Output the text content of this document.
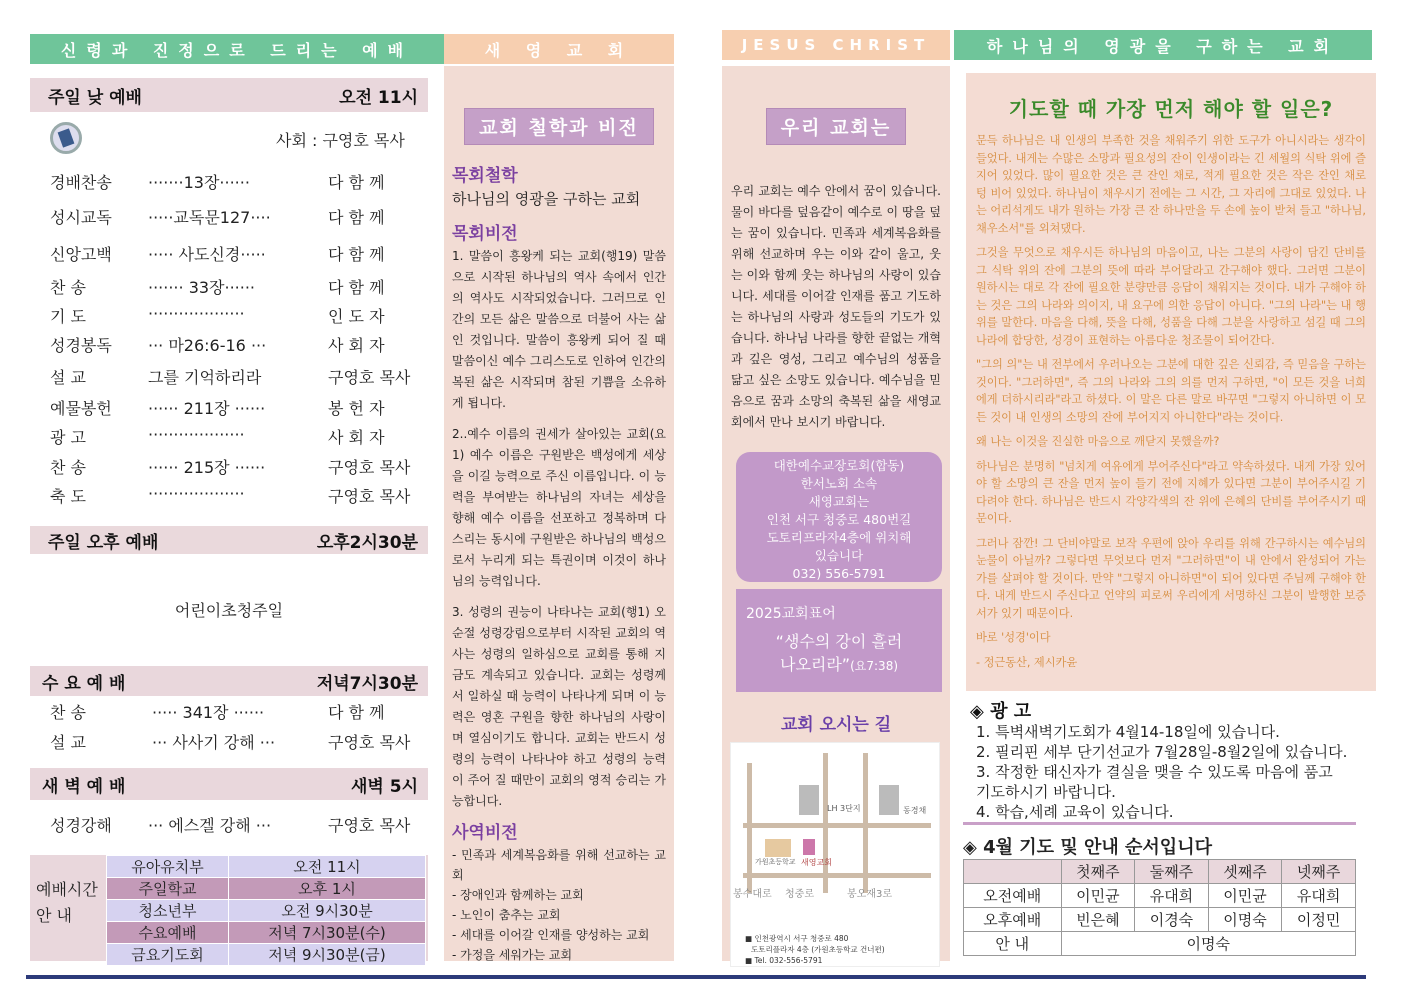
신령과 진정으로 드리는 예배	새 영 교 회	JESUS CHRIST	하나님의 영광을 구하는 교회
주일 낮 예배	오전 11시
사회 : 구영호 목사
경배찬송 ·······13장······	다 함 께
성시교독 ·····교독문127····	다 함 께
신앙고백 ····· 사도신경·····	다 함 께
찬 송	······· 33장······	다 함 께
기 도	···················	인 도 자
성경봉독 ··· 마26:6-16 ···	사 회 자
설 교	그를 기억하리라	구영호 목사
예물봉헌 ······ 211장 ······	봉 헌 자
광 고	···················	사 회 자
찬 송	······ 215장 ······	구영호 목사
축 도	···················	구영호 목사
주일 오후 예배	오후2시30분
어린이초청주일
수 요 예 배	저녁7시30분
찬 송	····· 341장 ······	다 함 께
설 교	··· 사사기 강해 ···	구영호 목사
새 벽 예 배	새벽 5시
성경강해 ··· 에스겔 강해 ···	구영호 목사
예배시간
안 내
유아유치부	오전 11시
주일학교	오후 1시
청소년부	오전 9시30분
수요예배	저녁 7시30분(수)
금요기도회	저녁 9시30분(금)
교회 철학과 비전
목회철학
하나님의 영광을 구하는 교회
목회비전
1. 말씀이 흥왕케 되는 교회(행19) 말씀으로 시작된 하나님의 역사 속에서 인간의 역사도 시작되었습니다. 그러므로 인간의 모든 삶은 말씀으로 더불어 사는 삶인 것입니다. 말씀이 흥왕케 되어 질 때 말씀이신 예수 그리스도로 인하여 인간의 복된 삶은 시작되며 참된 기쁨을 소유하게 됩니다.
2..예수 이름의 권세가 살아있는 교회(요1) 예수 이름은 구원받은 백성에게 세상을 이길 능력으로 주신 이름입니다. 이 능력을 부여받는 하나님의 자녀는 세상을 향해 예수 이름을 선포하고 정복하며 다스리는 동시에 구원받은 하나님의 백성으로서 누리게 되는 특권이며 이것이 하나님의 능력입니다.
3. 성령의 권능이 나타나는 교회(행1) 오순절 성령강림으로부터 시작된 교회의 역사는 성령의 일하심으로 교회를 통해 지금도 계속되고 있습니다. 교회는 성령께서 일하실 때 능력이 나타나게 되며 이 능력은 영혼 구원을 향한 하나님의 사랑이며 열심이기도 합니다. 교회는 반드시 성령의 능력이 나타나야 하고 성령의 능력이 주어 질 때만이 교회의 영적 승리는 가능합니다.
사역비전
- 민족과 세계복음화를 위해 선교하는 교회
- 장애인과 함께하는 교회
- 노인이 춤추는 교회
- 세대를 이어갈 인재를 양성하는 교회
- 가정을 세워가는 교회
우리 교회는
우리 교회는 예수 안에서 꿈이 있습니다. 물이 바다를 덮음같이 예수로 이 땅을 덮는 꿈이 있습니다. 민족과 세계복음화를 위해 선교하며 우는 이와 같이 울고, 웃는 이와 함께 웃는 하나님의 사랑이 있습니다. 세대를 이어갈 인재를 품고 기도하는 하나님의 사랑과 성도들의 기도가 있습니다. 하나님 나라를 향한 끝없는 개혁과 깊은 영성, 그리고 예수님의 성품을 닮고 싶은 소망도 있습니다. 예수님을 믿음으로 꿈과 소망의 축복된 삶을 새영교회에서 만나 보시기 바랍니다.
대한예수교장로회(합동)
한서노회 소속
새영교회는
인천 서구 청중로 480번길
도토리프라자4층에 위치해
있습니다
032) 556-5791
2025교회표어
“생수의 강이 흘러
나오리라”(요7:38)
교회 오시는 길
LH 3단지	동경채
가원초등학교 새영교회
봉수대로 청중로	봉오재3로
■ 인천광역시 서구 청중로 480
도토리플라자 4층 (가원초등학교 건너편)
■ Tel. 032-556-5791
기도할 때 가장 먼저 해야 할 일은?
문득 하나님은 내 인생의 부족한 것을 채워주기 위한 도구가 아니시라는 생각이 들었다. 내게는 수많은 소망과 필요성의 잔이 인생이라는 긴 세월의 식탁 위에 즐지어 있었다. 많이 필요한 것은 큰 잔인 채로, 적게 필요한 것은 작은 잔인 채로 텅 비어 있었다. 하나님이 채우시기 전에는 그 시간, 그 자리에 그대로 있었다. 나는 어리석게도 내가 원하는 가장 큰 잔 하나만을 두 손에 높이 받쳐 들고 "하나님, 채우소서"를 외쳐댔다.
그것을 무엇으로 채우시든 하나님의 마음이고, 나는 그분의 사랑이 담긴 단비를 그 식탁 위의 잔에 그분의 뜻에 따라 부어달라고 간구해야 했다. 그러면 그분이 원하시는 대로 각 잔에 필요한 분량만큼 응답이 채워지는 것이다. 내가 구해야 하는 것은 그의 나라와 의이지, 내 요구에 의한 응답이 아니다. "그의 나라"는 내 행위를 말한다. 마음을 다해, 뜻을 다해, 성품을 다해 그분을 사랑하고 섬길 때 그의 나라에 합당한, 성경이 표현하는 아름다운 청조물이 되어간다.
"그의 의"는 내 전부에서 우러나오는 그분에 대한 깊은 신뢰감, 즉 믿음을 구하는 것이다. "그러하면", 즉 그의 나라와 그의 의를 먼저 구하면, "이 모든 것을 너희에게 더하시리라"라고 하셨다. 이 말은 다른 말로 바꾸면 "그렇지 아니하면 이 모든 것이 내 인생의 소망의 잔에 부어지지 아니한다"라는 것이다.
왜 나는 이것을 진실한 마음으로 깨닫지 못했을까?
하나님은 분명히 "넘치게 여유에게 부어주신다"라고 약속하셨다. 내게 가장 있어야 할 소망의 큰 잔을 먼저 높이 들기 전에 지혜가 있다면 그분이 부어주시길 기다려야 한다. 하나님은 반드시 각양각색의 잔 위에 은혜의 단비를 부어주시기 때문이다.
그러나 잠깐! 그 단비야말로 보작 우편에 앉아 우리를 위해 간구하시는 예수님의 눈물이 아닐까? 그렇다면 무엇보다 먼저 "그러하면"이 내 안에서 완성되어 가는가를 살펴야 할 것이다. 만약 "그렇지 아니하면"이 되어 있다면 주님께 구해야 한다. 내게 반드시 주신다고 언약의 피로써 우리에게 서명하신 그분이 발행한 보증서가 있기 때문이다.
바로 '성경'이다
- 정근동산, 제시카윤
◈ 광 고
1. 특벽새벽기도회가 4월14-18일에 있습니다.
2. 필리핀 세부 단기선교가 7월28일-8월2일에 있습니다.
3. 작정한 태신자가 결실을 맺을 수 있도록 마음에 품고
기도하시기 바랍니다.
4. 학습,세례 교육이 있습니다.
◈ 4월 기도 및 안내 순서입니다
	첫째주	둘째주	셋째주	넷째주
오전예배	이민균	유대희	이민균	유대희
오후예배	빈은혜	이경숙	이명숙	이정민
안 내	이명숙			
